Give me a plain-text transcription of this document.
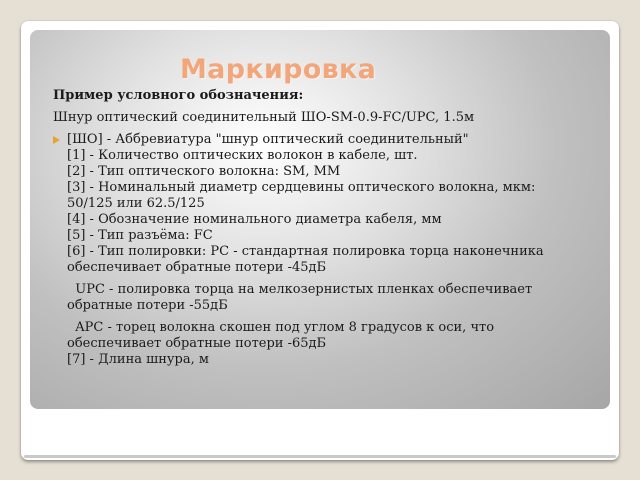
Маркировка
Пример условного обозначения:
Шнур оптический соединительный ШО-SM-0.9-FC/UPC, 1.5м
[ШО] - Аббревиатура "шнур оптический соединительный"
[1] - Количество оптических волокон в кабеле, шт.
[2] - Тип оптического волокна: SM, MM
[3] - Номинальный диаметр сердцевины оптического волокна, мкм:
50/125 или 62.5/125
[4] - Обозначение номинального диаметра кабеля, мм
[5] - Тип разъёма: FC
[6] - Тип полировки: PC - стандартная полировка торца наконечника
обеспечивает обратные потери -45дБ
UPC - полировка торца на мелкозернистых пленках обеспечивает
обратные потери -55дБ
APC - торец волокна скошен под углом 8 градусов к оси, что
обеспечивает обратные потери -65дБ
[7] - Длина шнура, м
